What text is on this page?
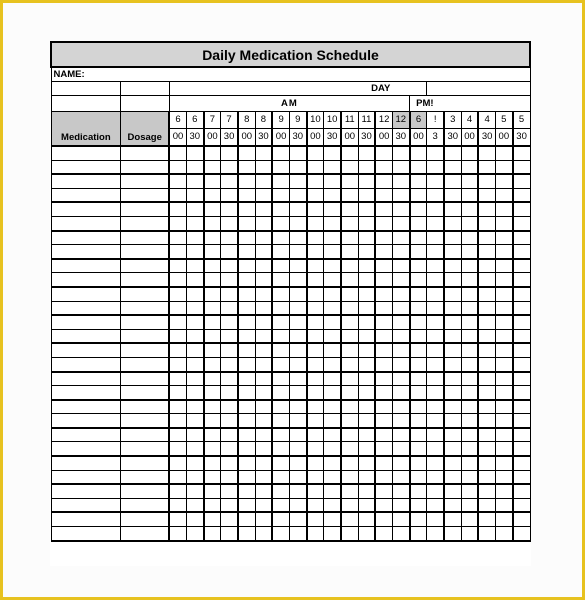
Daily Medication Schedule																						
NAME:																						
		DAY																				
		AM														PM!						
Medication	Dosage	6	6	7	7	8	8	9	9	10	10	11	11	12	12	6	!	3	4	4	5	5
		00	30	00	30	00	30	00	30	00	30	00	30	00	30	00	3	30	00	30	00	30
